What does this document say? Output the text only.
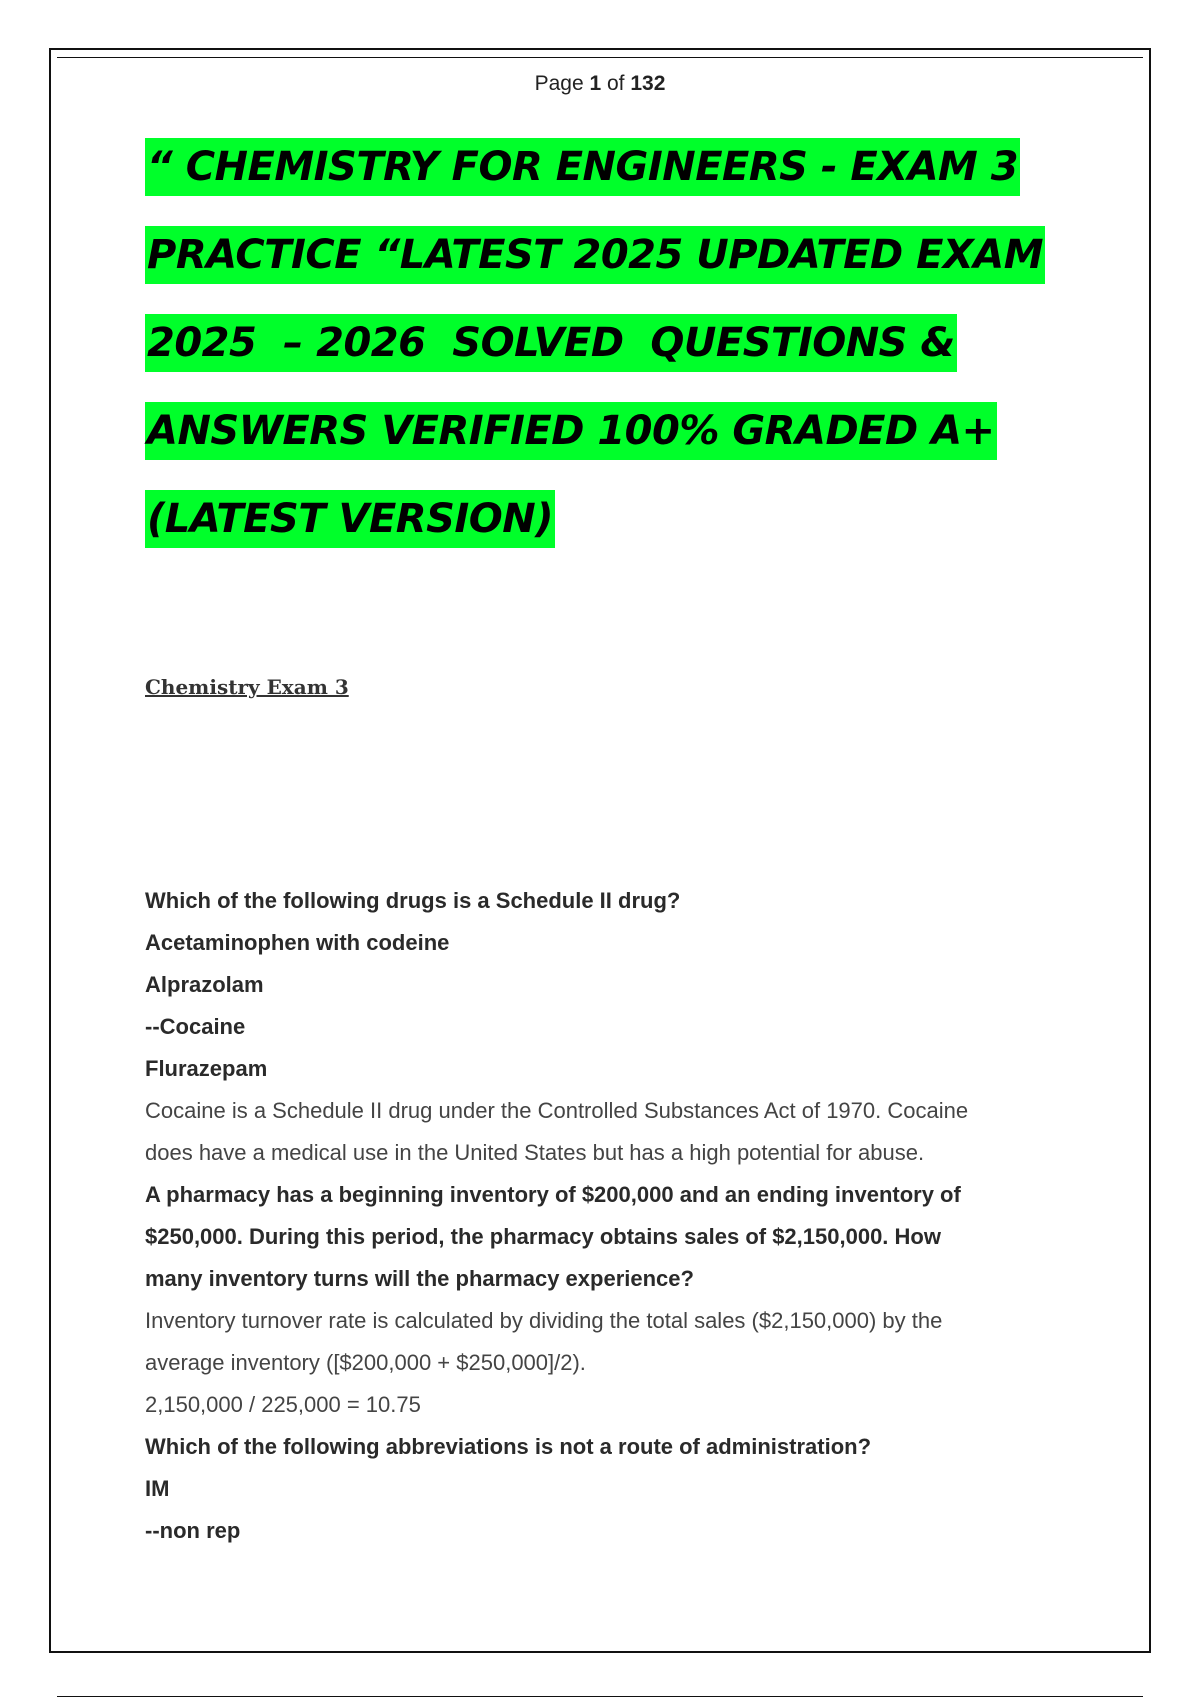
Page 1 of 132
“ CHEMISTRY FOR ENGINEERS - EXAM 3
PRACTICE “LATEST 2025 UPDATED EXAM
2025  – 2026  SOLVED  QUESTIONS &
ANSWERS VERIFIED 100% GRADED A+
(LATEST VERSION)
Chemistry Exam 3
Which of the following drugs is a Schedule II drug?
Acetaminophen with codeine
Alprazolam
--Cocaine
Flurazepam
Cocaine is a Schedule II drug under the Controlled Substances Act of 1970. Cocaine
does have a medical use in the United States but has a high potential for abuse.
A pharmacy has a beginning inventory of $200,000 and an ending inventory of
$250,000. During this period, the pharmacy obtains sales of $2,150,000. How
many inventory turns will the pharmacy experience?
Inventory turnover rate is calculated by dividing the total sales ($2,150,000) by the
average inventory ([$200,000 + $250,000]/2).
2,150,000 / 225,000 = 10.75
Which of the following abbreviations is not a route of administration?
IM
--non rep
